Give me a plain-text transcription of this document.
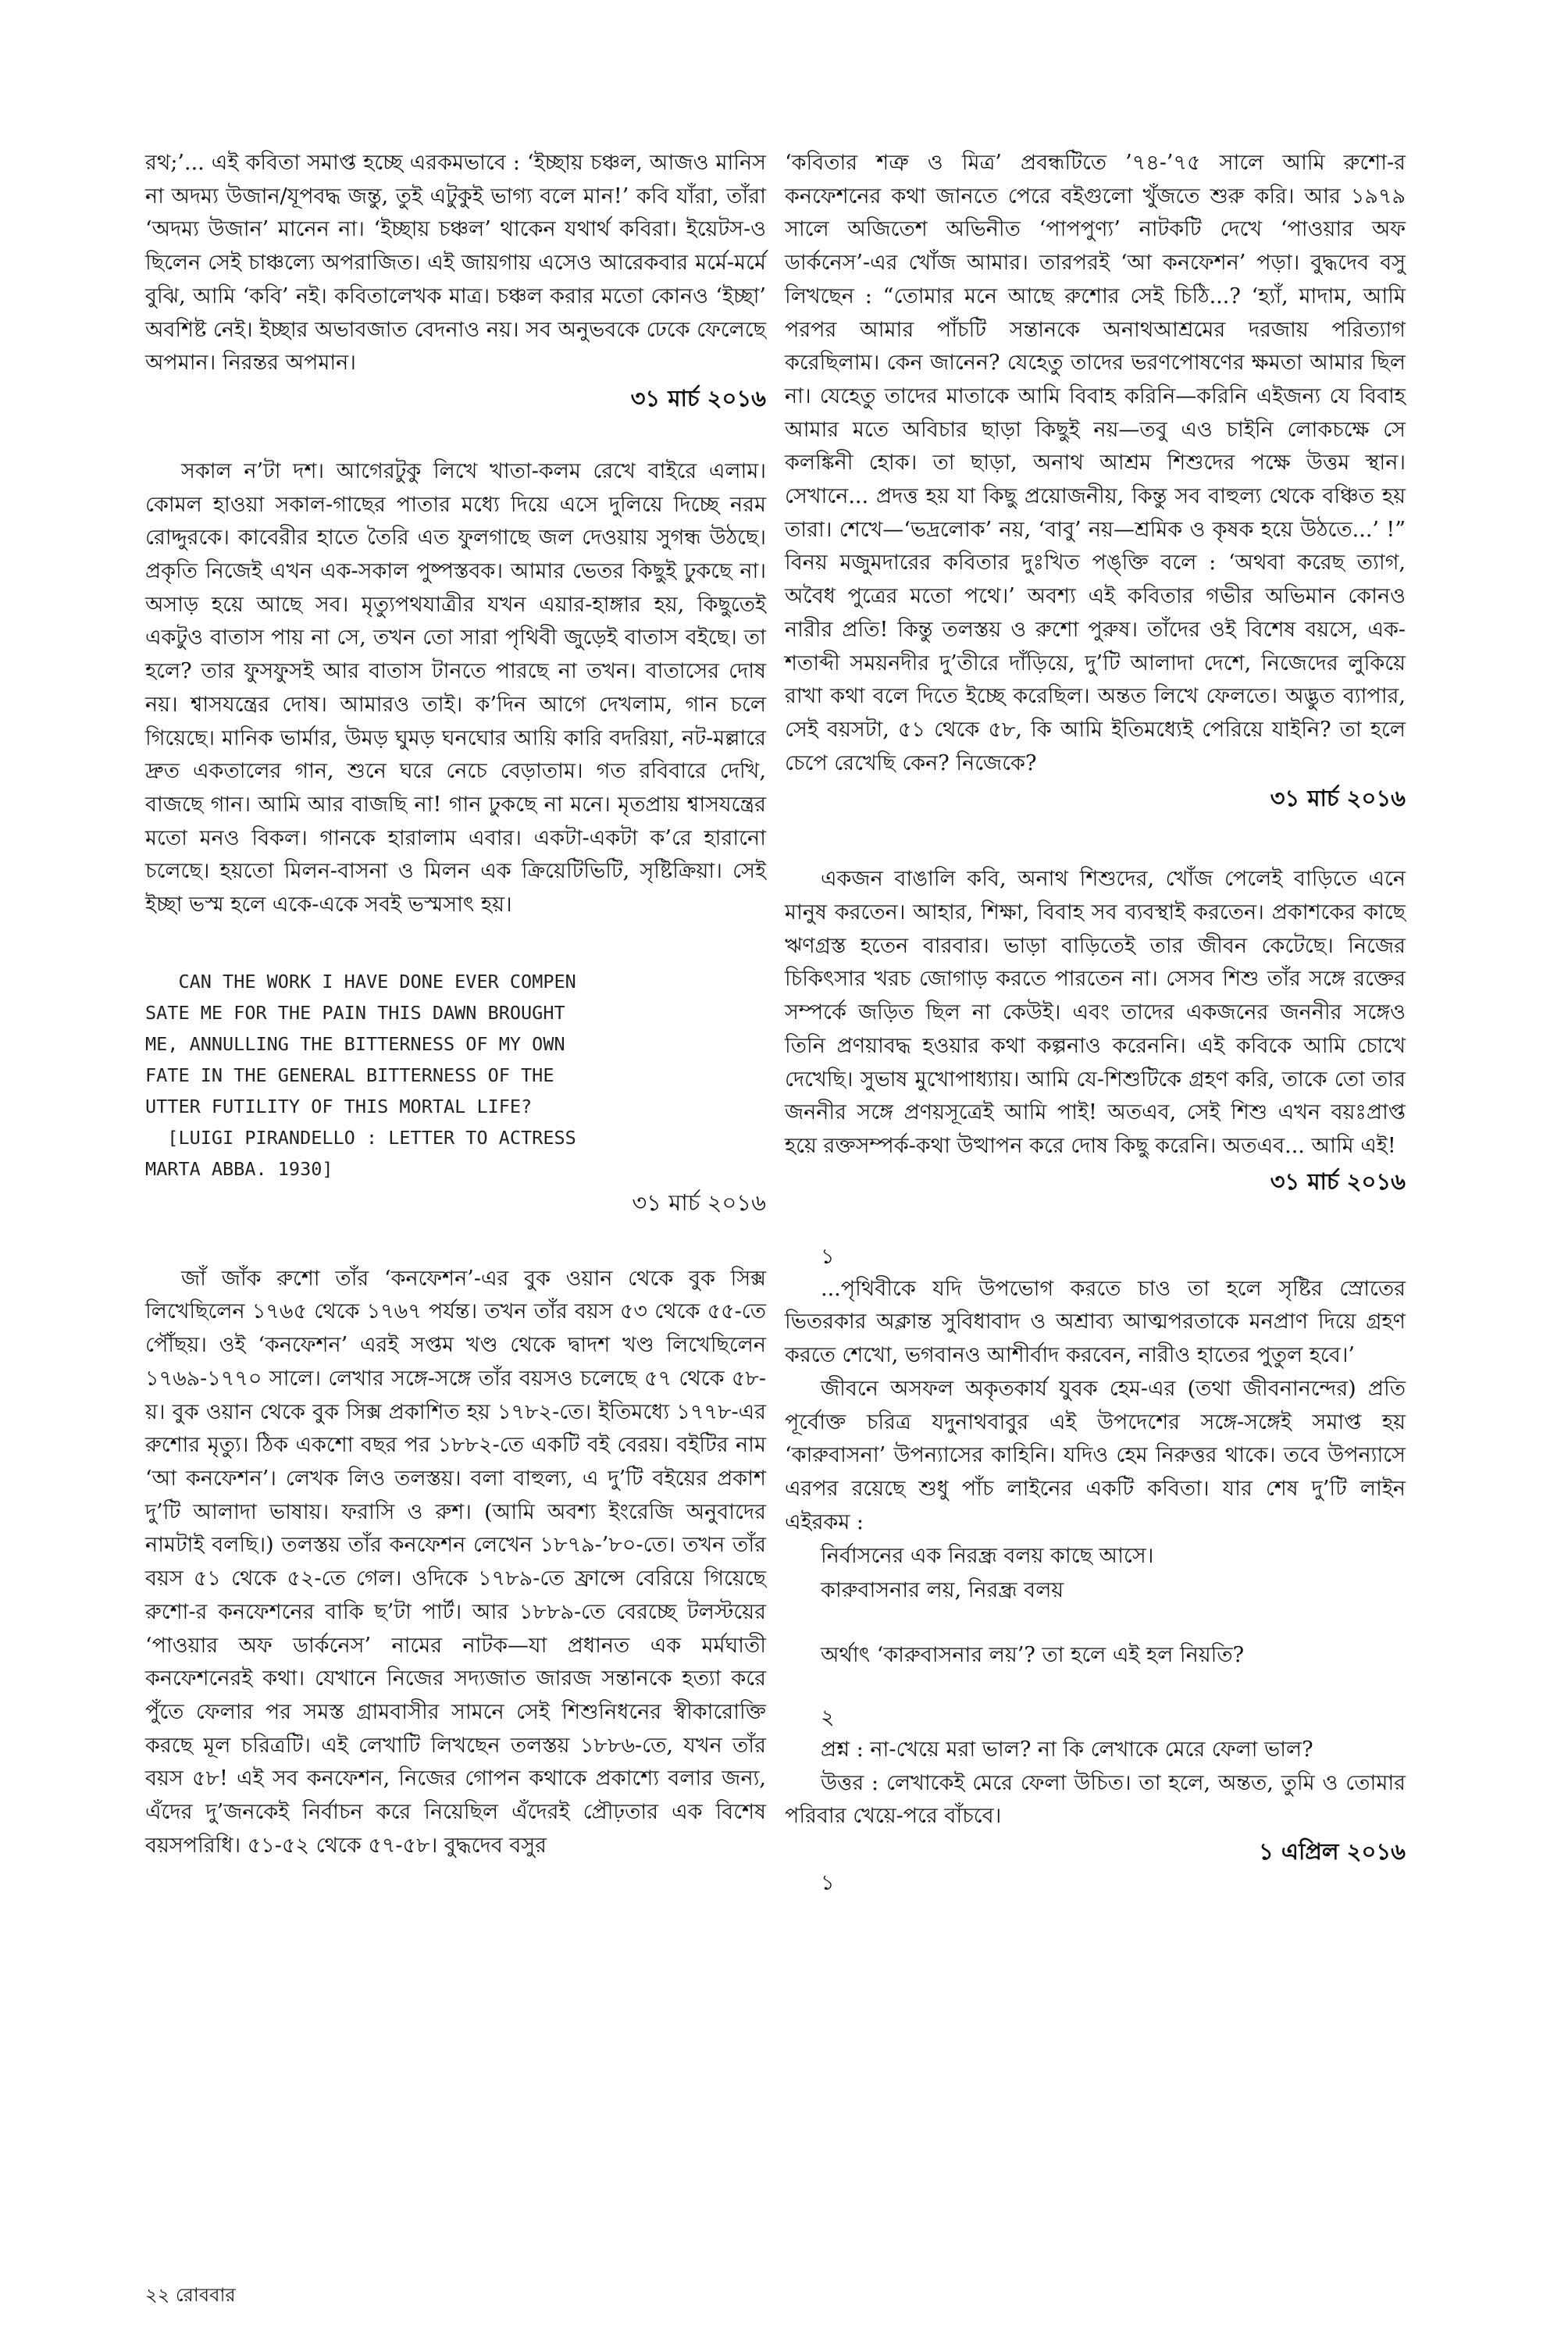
রথ;’... এই কবিতা সমাপ্ত হচ্ছে এরকমভাবে : ‘ইচ্ছায় চঞ্চল, আজও মানিস না অদম্য উজান/যূপবদ্ধ জন্তু, তুই এটুকুই ভাগ্য বলে মান!’ কবি যাঁরা, তাঁরা ‘অদম্য উজান’ মানেন না। ‘ইচ্ছায় চঞ্চল’ থাকেন যথার্থ কবিরা। ইয়েটস-ও ছিলেন সেই চাঞ্চল্যে অপরাজিত। এই জায়গায় এসেও আরেকবার মর্মে-মর্মে বুঝি, আমি ‘কবি’ নই। কবিতালেখক মাত্র। চঞ্চল করার মতো কোনও ‘ইচ্ছা’ অবশিষ্ট নেই। ইচ্ছার অভাবজাত বেদনাও নয়। সব অনুভবকে ঢেকে ফেলেছে অপমান। নিরন্তর অপমান।

৩১ মার্চ ২০১৬

সকাল ন’টা দশ। আগেরটুকু লিখে খাতা-কলম রেখে বাইরে এলাম। কোমল হাওয়া সকাল-গাছের পাতার মধ্যে দিয়ে এসে দুলিয়ে দিচ্ছে নরম রোদ্দুরকে। কাবেরীর হাতে তৈরি এত ফুলগাছে জল দেওয়ায় সুগন্ধ উঠছে। প্রকৃতি নিজেই এখন এক-সকাল পুষ্পস্তবক। আমার ভেতর কিছুই ঢুকছে না। অসাড় হয়ে আছে সব। মৃত্যুপথযাত্রীর যখন এয়ার-হাঙ্গার হয়, কিছুতেই একটুও বাতাস পায় না সে, তখন তো সারা পৃথিবী জুড়েই বাতাস বইছে। তা হলে? তার ফুসফুসই আর বাতাস টানতে পারছে না তখন। বাতাসের দোষ নয়। শ্বাসযন্ত্রের দোষ। আমারও তাই। ক’দিন আগে দেখলাম, গান চলে গিয়েছে। মানিক ভার্মার, উমড় ঘুমড় ঘনঘোর আয়ি কারি বদরিয়া, নট-মল্লারে দ্রুত একতালের গান, শুনে ঘরে নেচে বেড়াতাম। গত রবিবারে দেখি, বাজছে গান। আমি আর বাজছি না! গান ঢুকছে না মনে। মৃতপ্রায় শ্বাসযন্ত্রের মতো মনও বিকল। গানকে হারালাম এবার। একটা-একটা ক’রে হারানো চলেছে। হয়তো মিলন-বাসনা ও মিলন এক ক্রিয়েটিভিটি, সৃষ্টিক্রিয়া। সেই ইচ্ছা ভস্ম হলে একে-একে সবই ভস্মসাৎ হয়।

CAN THE WORK I HAVE DONE EVER COMPEN
SATE ME FOR THE PAIN THIS DAWN BROUGHT
ME, ANNULLING THE BITTERNESS OF MY OWN
FATE IN THE GENERAL BITTERNESS OF THE
UTTER FUTILITY OF THIS MORTAL LIFE?
[LUIGI PIRANDELLO : LETTER TO ACTRESS
MARTA ABBA. 1930]
৩১ মার্চ ২০১৬

জাঁ জাঁক রুশো তাঁর ‘কনফেশন’-এর বুক ওয়ান থেকে বুক সিক্স লিখেছিলেন ১৭৬৫ থেকে ১৭৬৭ পর্যন্ত। তখন তাঁর বয়স ৫৩ থেকে ৫৫-তে পৌঁছয়। ওই ‘কনফেশন’ এরই সপ্তম খণ্ড থেকে দ্বাদশ খণ্ড লিখেছিলেন ১৭৬৯-১৭৭০ সালে। লেখার সঙ্গে-সঙ্গে তাঁর বয়সও চলেছে ৫৭ থেকে ৫৮-য়। বুক ওয়ান থেকে বুক সিক্স প্রকাশিত হয় ১৭৮২-তে। ইতিমধ্যে ১৭৭৮-এর রুশোর মৃত্যু। ঠিক একশো বছর পর ১৮৮২-তে একটি বই বেরয়। বইটির নাম ‘আ কনফেশন’। লেখক লিও তলস্তয়। বলা বাহুল্য, এ দু’টি বইয়ের প্রকাশ দু’টি আলাদা ভাষায়। ফরাসি ও রুশ। (আমি অবশ্য ইংরেজি অনুবাদের নামটাই বলছি।) তলস্তয় তাঁর কনফেশন লেখেন ১৮৭৯-’৮০-তে। তখন তাঁর বয়স ৫১ থেকে ৫২-তে গেল। ওদিকে ১৭৮৯-তে ফ্রান্সে বেরিয়ে গিয়েছে রুশো-র কনফেশনের বাকি ছ’টা পার্ট। আর ১৮৮৯-তে বেরচ্ছে টলস্টয়ের ‘পাওয়ার অফ ডার্কনেস’ নামের নাটক—যা প্রধানত এক মর্মঘাতী কনফেশনেরই কথা। যেখানে নিজের সদ্যজাত জারজ সন্তানকে হত্যা করে পুঁতে ফেলার পর সমস্ত গ্রামবাসীর সামনে সেই শিশুনিধনের স্বীকারোক্তি করছে মূল চরিত্রটি। এই লেখাটি লিখছেন তলস্তয় ১৮৮৬-তে, যখন তাঁর বয়স ৫৮! এই সব কনফেশন, নিজের গোপন কথাকে প্রকাশ্যে বলার জন্য, এঁদের দু’জনকেই নির্বাচন করে নিয়েছিল এঁদেরই প্রৌঢ়তার এক বিশেষ বয়সপরিধি। ৫১-৫২ থেকে ৫৭-৫৮। বুদ্ধদেব বসুর

‘কবিতার শত্রু ও মিত্র’ প্রবন্ধটিতে ’৭৪-’৭৫ সালে আমি রুশো-র কনফেশনের কথা জানতে পেরে বইগুলো খুঁজতে শুরু করি। আর ১৯৭৯ সালে অজিতেশ অভিনীত ‘পাপপুণ্য’ নাটকটি দেখে ‘পাওয়ার অফ ডার্কনেস’-এর খোঁজ আমার। তারপরই ‘আ কনফেশন’ পড়া। বুদ্ধদেব বসু লিখছেন : “তোমার মনে আছে রুশোর সেই চিঠি...? ‘হ্যাঁ, মাদাম, আমি পরপর আমার পাঁচটি সন্তানকে অনাথআশ্রমের দরজায় পরিত্যাগ করেছিলাম। কেন জানেন? যেহেতু তাদের ভরণপোষণের ক্ষমতা আমার ছিল না। যেহেতু তাদের মাতাকে আমি বিবাহ করিনি—করিনি এইজন্য যে বিবাহ আমার মতে অবিচার ছাড়া কিছুই নয়—তবু এও চাইনি লোকচক্ষে সে কলঙ্কিনী হোক। তা ছাড়া, অনাথ আশ্রম শিশুদের পক্ষে উত্তম স্থান। সেখানে... প্রদত্ত হয় যা কিছু প্রয়োজনীয়, কিন্তু সব বাহুল্য থেকে বঞ্চিত হয় তারা। শেখে—‘ভদ্রলোক’ নয়, ‘বাবু’ নয়—শ্রমিক ও কৃষক হয়ে উঠতে...’ !” বিনয় মজুমদারের কবিতার দুঃখিত পঙ্‌ক্তি বলে : ‘অথবা করেছ ত্যাগ, অবৈধ পুত্রের মতো পথে।’ অবশ্য এই কবিতার গভীর অভিমান কোনও নারীর প্রতি! কিন্তু তলস্তয় ও রুশো পুরুষ। তাঁদের ওই বিশেষ বয়সে, এক-শতাব্দী সময়নদীর দু’তীরে দাঁড়িয়ে, দু’টি আলাদা দেশে, নিজেদের লুকিয়ে রাখা কথা বলে দিতে ইচ্ছে করেছিল। অন্তত লিখে ফেলতে। অদ্ভুত ব্যাপার, সেই বয়সটা, ৫১ থেকে ৫৮, কি আমি ইতিমধ্যেই পেরিয়ে যাইনি? তা হলে চেপে রেখেছি কেন? নিজেকে?

৩১ মার্চ ২০১৬

একজন বাঙালি কবি, অনাথ শিশুদের, খোঁজ পেলেই বাড়িতে এনে মানুষ করতেন। আহার, শিক্ষা, বিবাহ সব ব্যবস্থাই করতেন। প্রকাশকের কাছে ঋণগ্রস্ত হতেন বারবার। ভাড়া বাড়িতেই তার জীবন কেটেছে। নিজের চিকিৎসার খরচ জোগাড় করতে পারতেন না। সেসব শিশু তাঁর সঙ্গে রক্তের সম্পর্কে জড়িত ছিল না কেউই। এবং তাদের একজনের জননীর সঙ্গেও তিনি প্রণয়াবদ্ধ হওয়ার কথা কল্পনাও করেননি। এই কবিকে আমি চোখে দেখেছি। সুভাষ মুখোপাধ্যায়। আমি যে-শিশুটিকে গ্রহণ করি, তাকে তো তার জননীর সঙ্গে প্রণয়সূত্রেই আমি পাই! অতএব, সেই শিশু এখন বয়ঃপ্রাপ্ত হয়ে রক্তসম্পর্ক-কথা উত্থাপন করে দোষ কিছু করেনি। অতএব... আমি এই!

৩১ মার্চ ২০১৬

১

...পৃথিবীকে যদি উপভোগ করতে চাও তা হলে সৃষ্টির স্রোতের ভিতরকার অক্লান্ত সুবিধাবাদ ও অশ্রাব্য আত্মপরতাকে মনপ্রাণ দিয়ে গ্রহণ করতে শেখো, ভগবানও আশীর্বাদ করবেন, নারীও হাতের পুতুল হবে।’

জীবনে অসফল অকৃতকার্য যুবক হেম-এর (তথা জীবনানন্দের) প্রতি পূর্বোক্ত চরিত্র যদুনাথবাবুর এই উপদেশের সঙ্গে-সঙ্গেই সমাপ্ত হয় ‘কারুবাসনা’ উপন্যাসের কাহিনি। যদিও হেম নিরুত্তর থাকে। তবে উপন্যাসে এরপর রয়েছে শুধু পাঁচ লাইনের একটি কবিতা। যার শেষ দু’টি লাইন এইরকম :

নির্বাসনের এক নিরন্ধ্র বলয় কাছে আসে।

কারুবাসনার লয়, নিরন্ধ্র বলয়

অর্থাৎ ‘কারুবাসনার লয়’? তা হলে এই হল নিয়তি?

২

প্রশ্ন : না-খেয়ে মরা ভাল? না কি লেখাকে মেরে ফেলা ভাল?

উত্তর : লেখাকেই মেরে ফেলা উচিত। তা হলে, অন্তত, তুমি ও তোমার পরিবার খেয়ে-পরে বাঁচবে।

১ এপ্রিল ২০১৬

১

২২ রোববার
